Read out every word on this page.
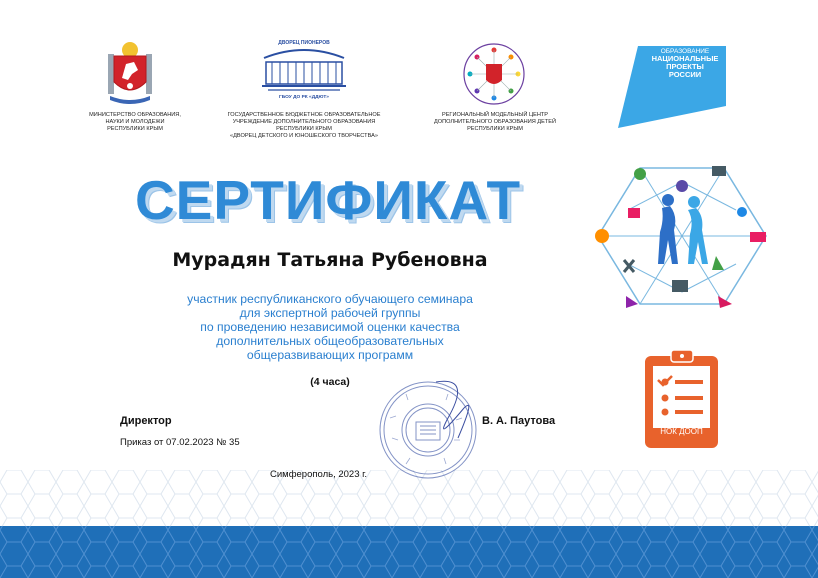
МИНИСТЕРСТВО ОБРАЗОВАНИЯ,
НАУКИ И МОЛОДЕЖИ
РЕСПУБЛИКИ КРЫМ
ДВОРЕЦ ПИОНЕРОВ
ГБОУ ДО РК «ДДЮТ»
ГОСУДАРСТВЕННОЕ БЮДЖЕТНОЕ ОБРАЗОВАТЕЛЬНОЕ
УЧРЕЖДЕНИЕ ДОПОЛНИТЕЛЬНОГО ОБРАЗОВАНИЯ
РЕСПУБЛИКИ КРЫМ
«ДВОРЕЦ ДЕТСКОГО И ЮНОШЕСКОГО ТВОРЧЕСТВА»
РЕГИОНАЛЬНЫЙ МОДЕЛЬНЫЙ ЦЕНТР
ДОПОЛНИТЕЛЬНОГО ОБРАЗОВАНИЯ ДЕТЕЙ
РЕСПУБЛИКИ КРЫМ
ОБРАЗОВАНИЕ
НАЦИОНАЛЬНЫЕ
ПРОЕКТЫ
РОССИИ
СЕРТИФИКАТ
Мурадян Татьяна Рубеновна
участник республиканского обучающего семинара
для экспертной рабочей группы
по проведению независимой оценки качества
дополнительных общеобразовательных
общеразвивающих программ
(4 часа)
Директор
Приказ от 07.02.2023 № 35
В. А. Паутова
Симферополь, 2023 г.
НОК ДООП
